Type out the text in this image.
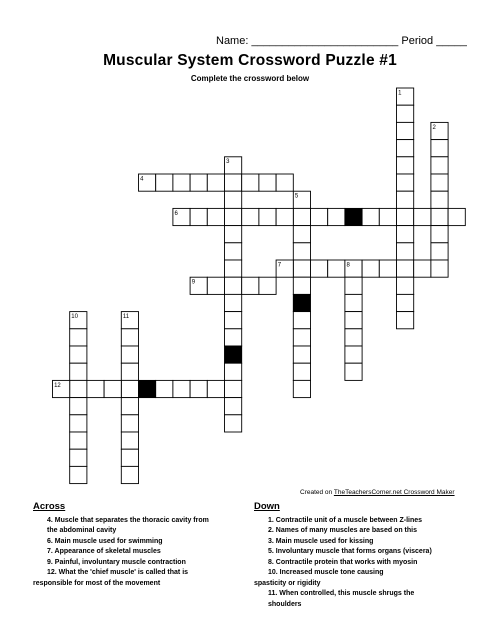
Name: ________________________ Period _____
Muscular System Crossword Puzzle #1
Complete the crossword below
1
2
3
4
5
6
7	8
9
10	11
12
Created on TheTeachersCorner.net Crossword Maker
Across
4. Muscle that separates the thoracic cavity from
the abdominal cavity
6. Main muscle used for swimming
7. Appearance of skeletal muscles
9. Painful, involuntary muscle contraction
12. What the 'chief muscle' is called that is
responsible for most of the movement
Down
1. Contractile unit of a muscle between Z-lines
2. Names of many muscles are based on this
3. Main muscle used for kissing
5. Involuntary muscle that forms organs (viscera)
8. Contractile protein that works with myosin
10. Increased muscle tone causing
spasticity or rigidity
11. When controlled, this muscle shrugs the
shoulders
